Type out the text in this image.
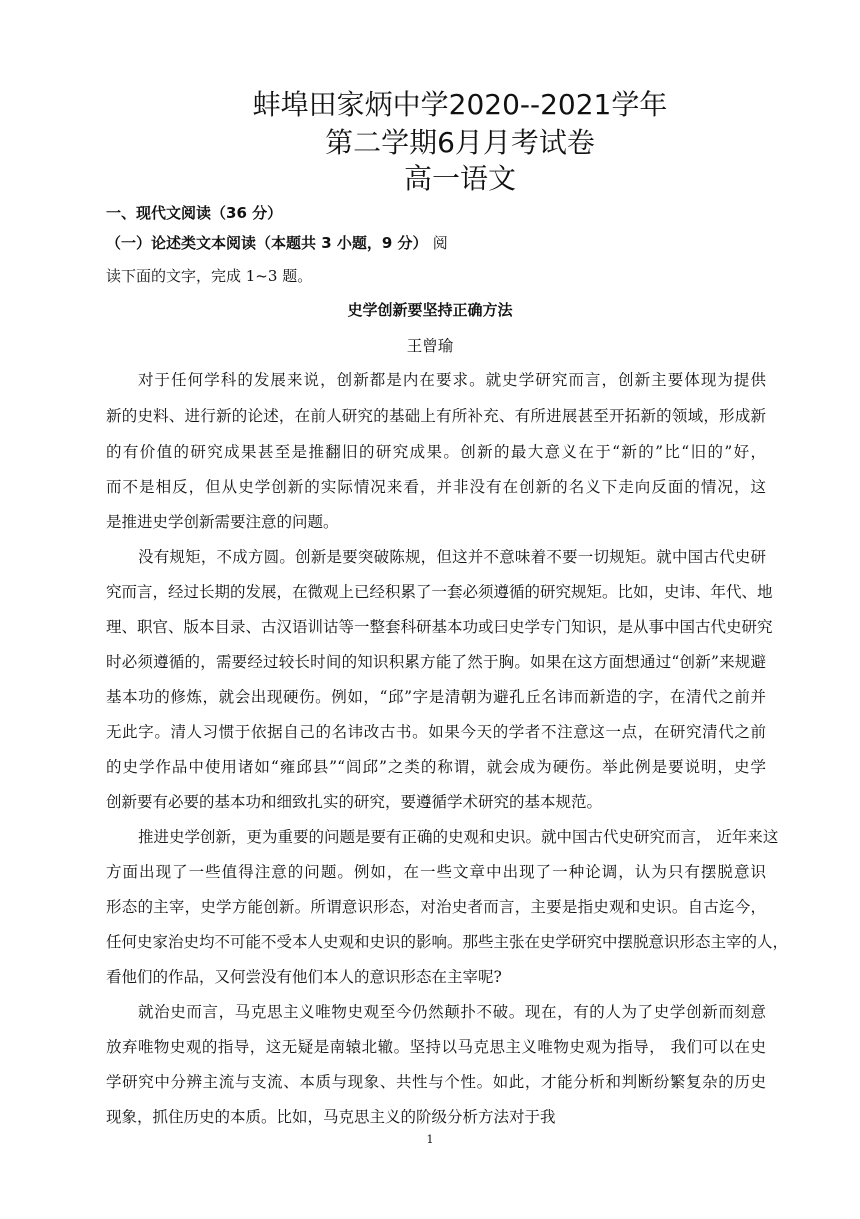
蚌埠田家炳中学2020--2021学年
第二学期6月月考试卷
高一语文
一、现代文阅读（36 分）
（一）论述类文本阅读（本题共 3 小题，9 分） 阅
读下面的文字，完成 1~3 题。
史学创新要坚持正确方法
王曾瑜
对于任何学科的发展来说，创新都是内在要求。就史学研究而言，创新主要体现为提供
新的史料、进行新的论述，在前人研究的基础上有所补充、有所进展甚至开拓新的领域，形成新
的有价值的研究成果甚至是推翻旧的研究成果。创新的最大意义在于“新的”比“旧的”好，
而不是相反，但从史学创新的实际情况来看，并非没有在创新的名义下走向反面的情况，这
是推进史学创新需要注意的问题。
没有规矩，不成方圆。创新是要突破陈规，但这并不意味着不要一切规矩。就中国古代史研
究而言，经过长期的发展，在微观上已经积累了一套必须遵循的研究规矩。比如，史讳、年代、地
理、职官、版本目录、古汉语训诂等一整套科研基本功或曰史学专门知识，是从事中国古代史研究
时必须遵循的，需要经过较长时间的知识积累方能了然于胸。如果在这方面想通过“创新”来规避
基本功的修炼，就会出现硬伤。例如，“邱”字是清朝为避孔丘名讳而新造的字，在清代之前并
无此字。清人习惯于依据自己的名讳改古书。如果今天的学者不注意这一点，在研究清代之前
的史学作品中使用诸如“雍邱县”“闾邱”之类的称谓，就会成为硬伤。举此例是要说明，史学
创新要有必要的基本功和细致扎实的研究，要遵循学术研究的基本规范。
推进史学创新，更为重要的问题是要有正确的史观和史识。就中国古代史研究而言， 近年来这
方面出现了一些值得注意的问题。例如，在一些文章中出现了一种论调，认为只有摆脱意识
形态的主宰，史学方能创新。所谓意识形态，对治史者而言，主要是指史观和史识。自古迄今，
任何史家治史均不可能不受本人史观和史识的影响。那些主张在史学研究中摆脱意识形态主宰的人，
看他们的作品，又何尝没有他们本人的意识形态在主宰呢?
就治史而言，马克思主义唯物史观至今仍然颠扑不破。现在，有的人为了史学创新而刻意
放弃唯物史观的指导，这无疑是南辕北辙。坚持以马克思主义唯物史观为指导， 我们可以在史
学研究中分辨主流与支流、本质与现象、共性与个性。如此，才能分析和判断纷繁复杂的历史
现象，抓住历史的本质。比如，马克思主义的阶级分析方法对于我
1
